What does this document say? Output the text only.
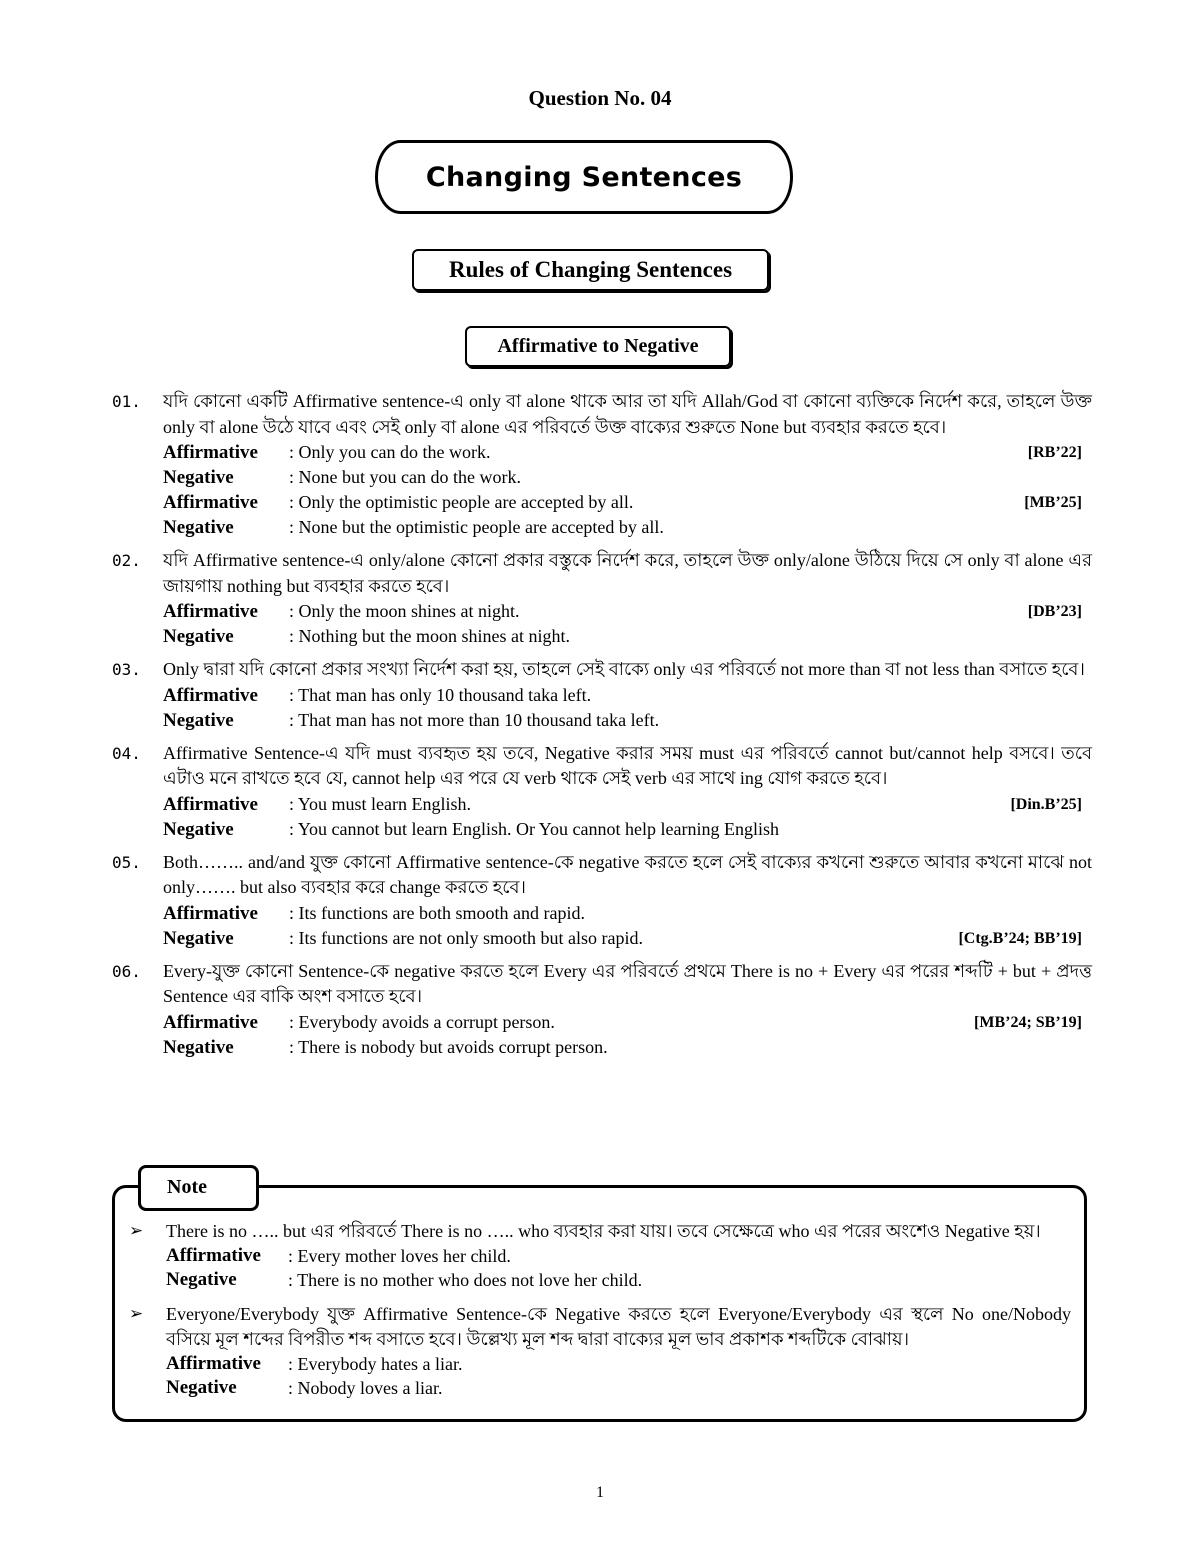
Question No. 04
Changing Sentences
Rules of Changing Sentences
Affirmative to Negative
01. যদি কোনো একটি Affirmative sentence-এ only বা alone থাকে আর তা যদি Allah/God বা কোনো ব্যক্তিকে নির্দেশ করে, তাহলে উক্ত only বা alone উঠে যাবে এবং সেই only বা alone এর পরিবর্তে উক্ত বাক্যের শুরুতে None but ব্যবহার করতে হবে।
Affirmative : Only you can do the work.	[RB’22]
Negative	: None but you can do the work.
Affirmative : Only the optimistic people are accepted by all.	[MB’25]
Negative	: None but the optimistic people are accepted by all.
02. যদি Affirmative sentence-এ only/alone কোনো প্রকার বস্তুকে নির্দেশ করে, তাহলে উক্ত only/alone উঠিয়ে দিয়ে সে only বা alone এর জায়গায় nothing but ব্যবহার করতে হবে।
Affirmative : Only the moon shines at night.	[DB’23]
Negative	: Nothing but the moon shines at night.
03. Only দ্বারা যদি কোনো প্রকার সংখ্যা নির্দেশ করা হয়, তাহলে সেই বাক্যে only এর পরিবর্তে not more than বা not less than বসাতে হবে।
Affirmative : That man has only 10 thousand taka left.
Negative	: That man has not more than 10 thousand taka left.
04. Affirmative Sentence-এ যদি must ব্যবহৃত হয় তবে, Negative করার সময় must এর পরিবর্তে cannot but/cannot help বসবে। তবে এটাও মনে রাখতে হবে যে, cannot help এর পরে যে verb থাকে সেই verb এর সাথে ing যোগ করতে হবে।
Affirmative : You must learn English.	[Din.B’25]
Negative	: You cannot but learn English. Or You cannot help learning English
05. Both…….. and/and যুক্ত কোনো Affirmative sentence-কে negative করতে হলে সেই বাক্যের কখনো শুরুতে আবার কখনো মাঝে not only……. but also ব্যবহার করে change করতে হবে।
Affirmative : Its functions are both smooth and rapid.
Negative	: Its functions are not only smooth but also rapid.	[Ctg.B’24; BB’19]
06. Every-যুক্ত কোনো Sentence-কে negative করতে হলে Every এর পরিবর্তে প্রথমে There is no + Every এর পরের শব্দটি + but + প্রদত্ত Sentence এর বাকি অংশ বসাতে হবে।
Affirmative : Everybody avoids a corrupt person.	[MB’24; SB’19]
Negative	: There is nobody but avoids corrupt person.
Note
➢ There is no ….. but এর পরিবর্তে There is no ….. who ব্যবহার করা যায়। তবে সেক্ষেত্রে who এর পরের অংশেও Negative হয়।
Affirmative : Every mother loves her child.
Negative	: There is no mother who does not love her child.
➢ Everyone/Everybody যুক্ত Affirmative Sentence-কে Negative করতে হলে Everyone/Everybody এর স্থলে No one/Nobody বসিয়ে মূল শব্দের বিপরীত শব্দ বসাতে হবে। উল্লেখ্য মূল শব্দ দ্বারা বাক্যের মূল ভাব প্রকাশক শব্দটিকে বোঝায়।
Affirmative : Everybody hates a liar.
Negative	: Nobody loves a liar.
1
